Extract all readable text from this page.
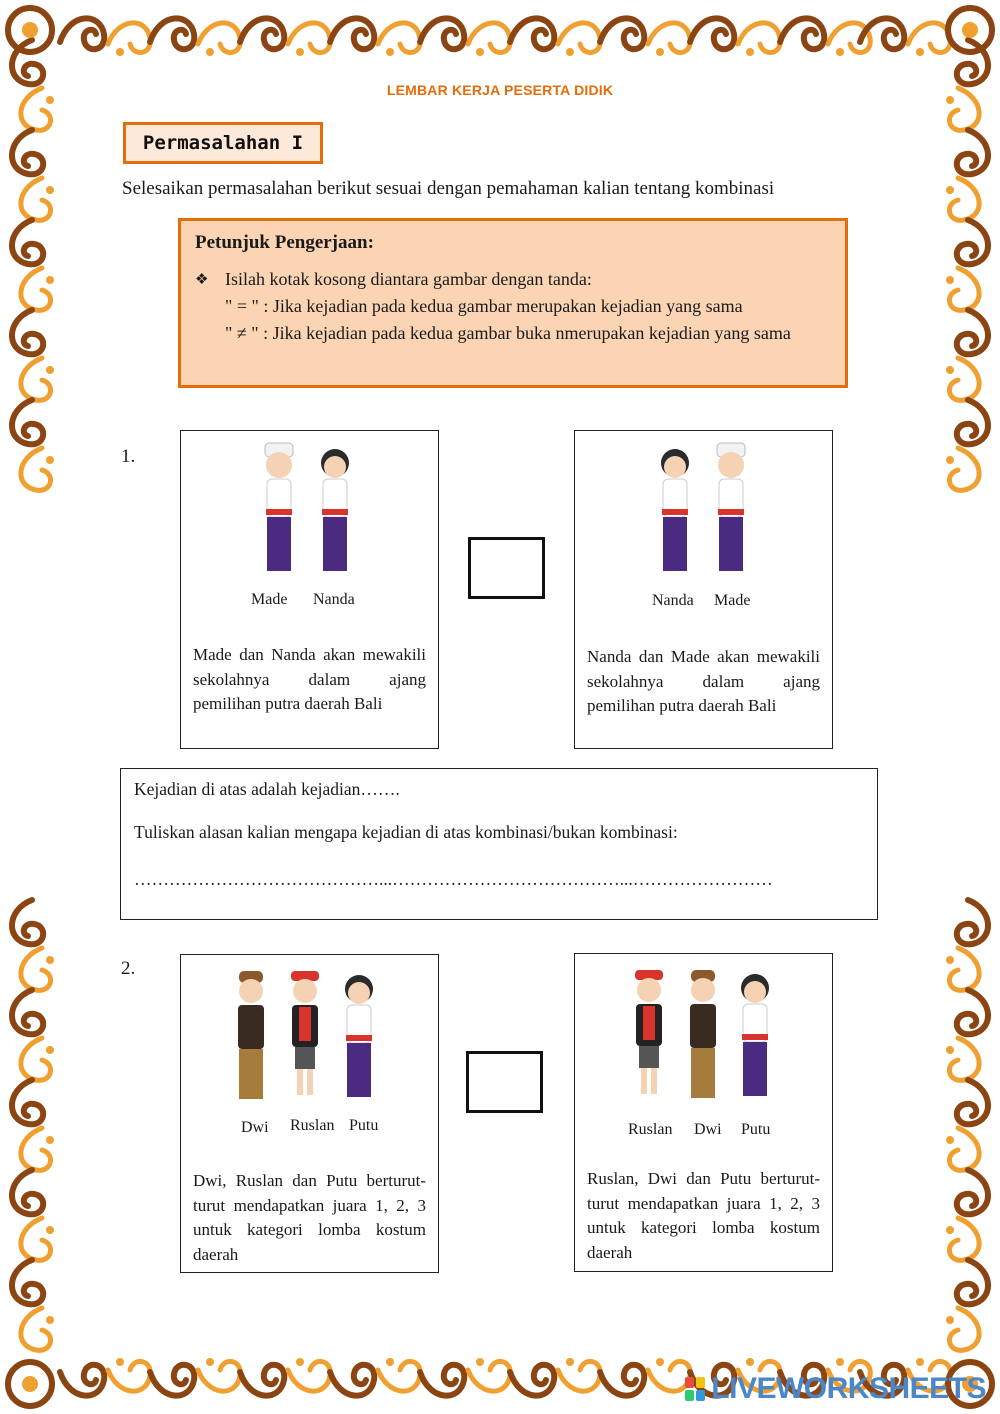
LEMBAR KERJA PESERTA DIDIK
Permasalahan I
Selesaikan permasalahan berikut sesuai dengan pemahaman kalian tentang kombinasi
Petunjuk Pengerjaan:
❖ Isilah kotak kosong diantara gambar dengan tanda:
" = " : Jika kejadian pada kedua gambar merupakan kejadian yang sama
" ≠ " : Jika kejadian pada kedua gambar buka nmerupakan kejadian yang sama
1.
Made Nanda
Made dan Nanda akan mewakili sekolahnya dalam ajang pemilihan putra daerah Bali
Nanda Made
Nanda dan Made akan mewakili sekolahnya dalam ajang pemilihan putra daerah Bali
Kejadian di atas adalah kejadian…….
Tuliskan alasan kalian mengapa kejadian di atas kombinasi/bukan kombinasi:
……………………………………...…………………………………...……………………
2.
Dwi Ruslan Putu
Dwi, Ruslan dan Putu berturut-turut mendapatkan juara 1, 2, 3 untuk kategori lomba kostum daerah
Ruslan Dwi Putu
Ruslan, Dwi dan Putu berturut-turut mendapatkan juara 1, 2, 3 untuk kategori lomba kostum daerah
LIVEWORKSHEETS
